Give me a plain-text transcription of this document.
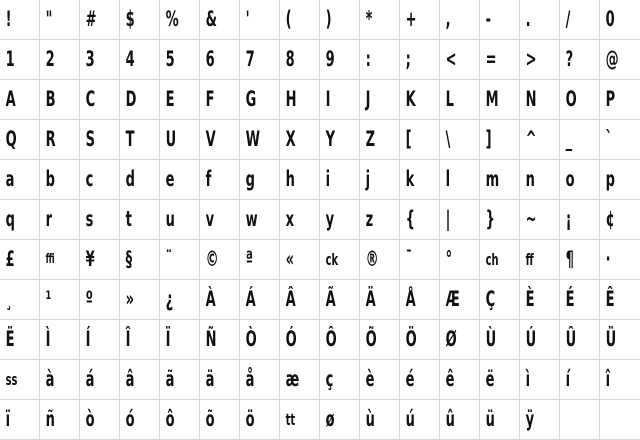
! " # $ % & ' ( ) * + , - . / 0
1 2 3 4 5 6 7 8 9 : ; < = > ? @
A B C D E F G H I J K L M N O P
Q R S T U V W X Y Z [ \ ] ^ _ `
a b c d e f g h i j k l m n o p
q r s t u v w x y z { | } ~ ¡ ¢
£	ffi ¥ § ¨ © ª «	ck ® ¯ °	ch	ff ¶ ·
¸ ¹ º » ¿ À Á Â Ã Ä Å Æ Ç È É Ê
Ë Ì Í Î Ï Ñ Ò Ó Ô Õ Ö Ø Ù Ú Û Ü
ss à á â ã ä å æ ç è é ê ë ì í î
ï ñ ò ó ô õ ö	tt ø ù ú û ü ÿ
